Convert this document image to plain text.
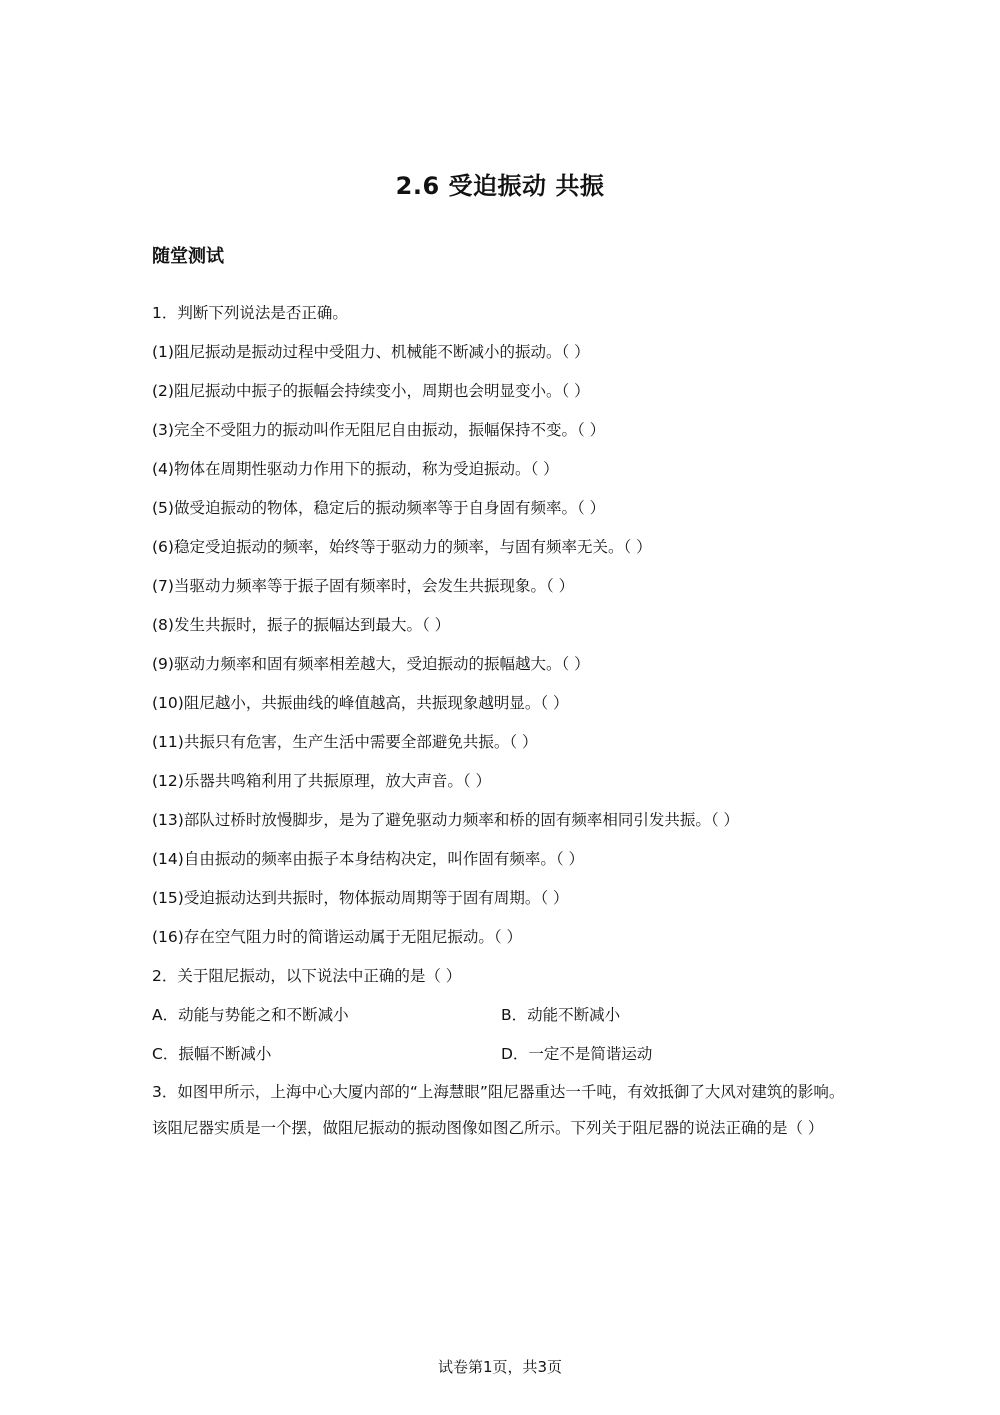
2.6 受迫振动 共振
随堂测试
1．判断下列说法是否正确。
(1)阻尼振动是振动过程中受阻力、机械能不断减小的振动。（ ）
(2)阻尼振动中振子的振幅会持续变小，周期也会明显变小。（ ）
(3)完全不受阻力的振动叫作无阻尼自由振动，振幅保持不变。（ ）
(4)物体在周期性驱动力作用下的振动，称为受迫振动。（ ）
(5)做受迫振动的物体，稳定后的振动频率等于自身固有频率。（ ）
(6)稳定受迫振动的频率，始终等于驱动力的频率，与固有频率无关。（ ）
(7)当驱动力频率等于振子固有频率时，会发生共振现象。（ ）
(8)发生共振时，振子的振幅达到最大。（ ）
(9)驱动力频率和固有频率相差越大，受迫振动的振幅越大。（ ）
(10)阻尼越小，共振曲线的峰值越高，共振现象越明显。（ ）
(11)共振只有危害，生产生活中需要全部避免共振。（ ）
(12)乐器共鸣箱利用了共振原理，放大声音。（ ）
(13)部队过桥时放慢脚步，是为了避免驱动力频率和桥的固有频率相同引发共振。（ ）
(14)自由振动的频率由振子本身结构决定，叫作固有频率。（ ）
(15)受迫振动达到共振时，物体振动周期等于固有周期。（ ）
(16)存在空气阻力时的简谐运动属于无阻尼振动。（ ）
2．关于阻尼振动，以下说法中正确的是（ ）
A．动能与势能之和不断减小	B．动能不断减小
C．振幅不断减小	D．一定不是简谐运动
3．如图甲所示，上海中心大厦内部的“上海慧眼”阻尼器重达一千吨，有效抵御了大风对建筑的影响。该阻尼器实质是一个摆，做阻尼振动的振动图像如图乙所示。下列关于阻尼器的说法正确的是（ ）
试卷第1页，共3页
